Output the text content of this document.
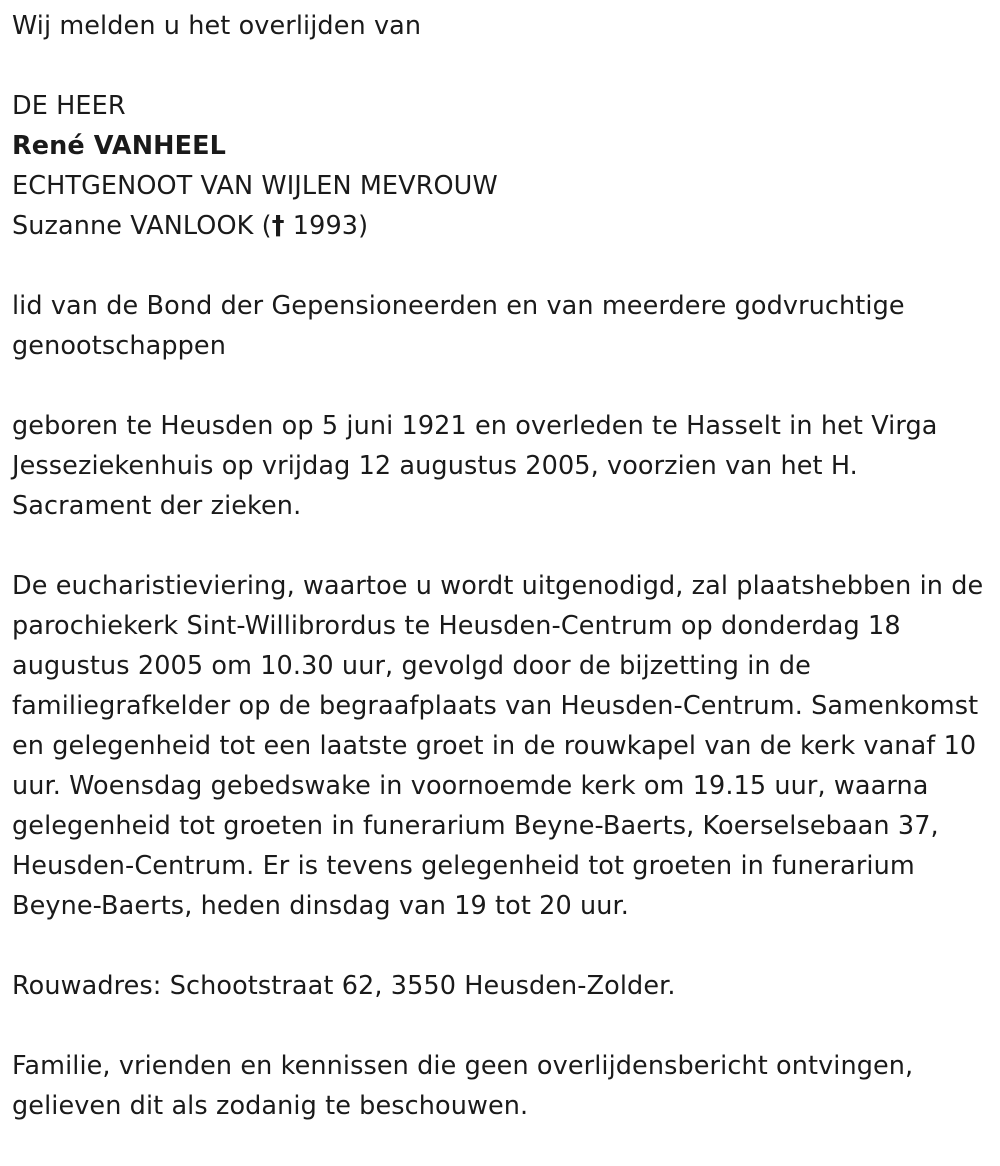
Wij melden u het overlijden van

DE HEER

René VANHEEL

ECHTGENOOT VAN WIJLEN MEVROUW

Suzanne VANLOOK († 1993)

lid van de Bond der Gepensioneerden en van meerdere godvruchtige genootschappen

geboren te Heusden op 5 juni 1921 en overleden te Hasselt in het Virga Jesseziekenhuis op vrijdag 12 augustus 2005, voorzien van het H. Sacrament der zieken.

De eucharistieviering, waartoe u wordt uitgenodigd, zal plaatshebben in de parochiekerk Sint-Willibrordus te Heusden-Centrum op donderdag 18 augustus 2005 om 10.30 uur, gevolgd door de bijzetting in de familiegrafkelder op de begraafplaats van Heusden-Centrum. Samenkomst en gelegenheid tot een laatste groet in de rouwkapel van de kerk vanaf 10 uur. Woensdag gebedswake in voornoemde kerk om 19.15 uur, waarna gelegenheid tot groeten in funerarium Beyne-Baerts, Koerselsebaan 37, Heusden-Centrum. Er is tevens gelegenheid tot groeten in funerarium Beyne-Baerts, heden dinsdag van 19 tot 20 uur.

Rouwadres: Schootstraat 62, 3550 Heusden-Zolder.

Familie, vrienden en kennissen die geen overlijdensbericht ontvingen, gelieven dit als zodanig te beschouwen.
